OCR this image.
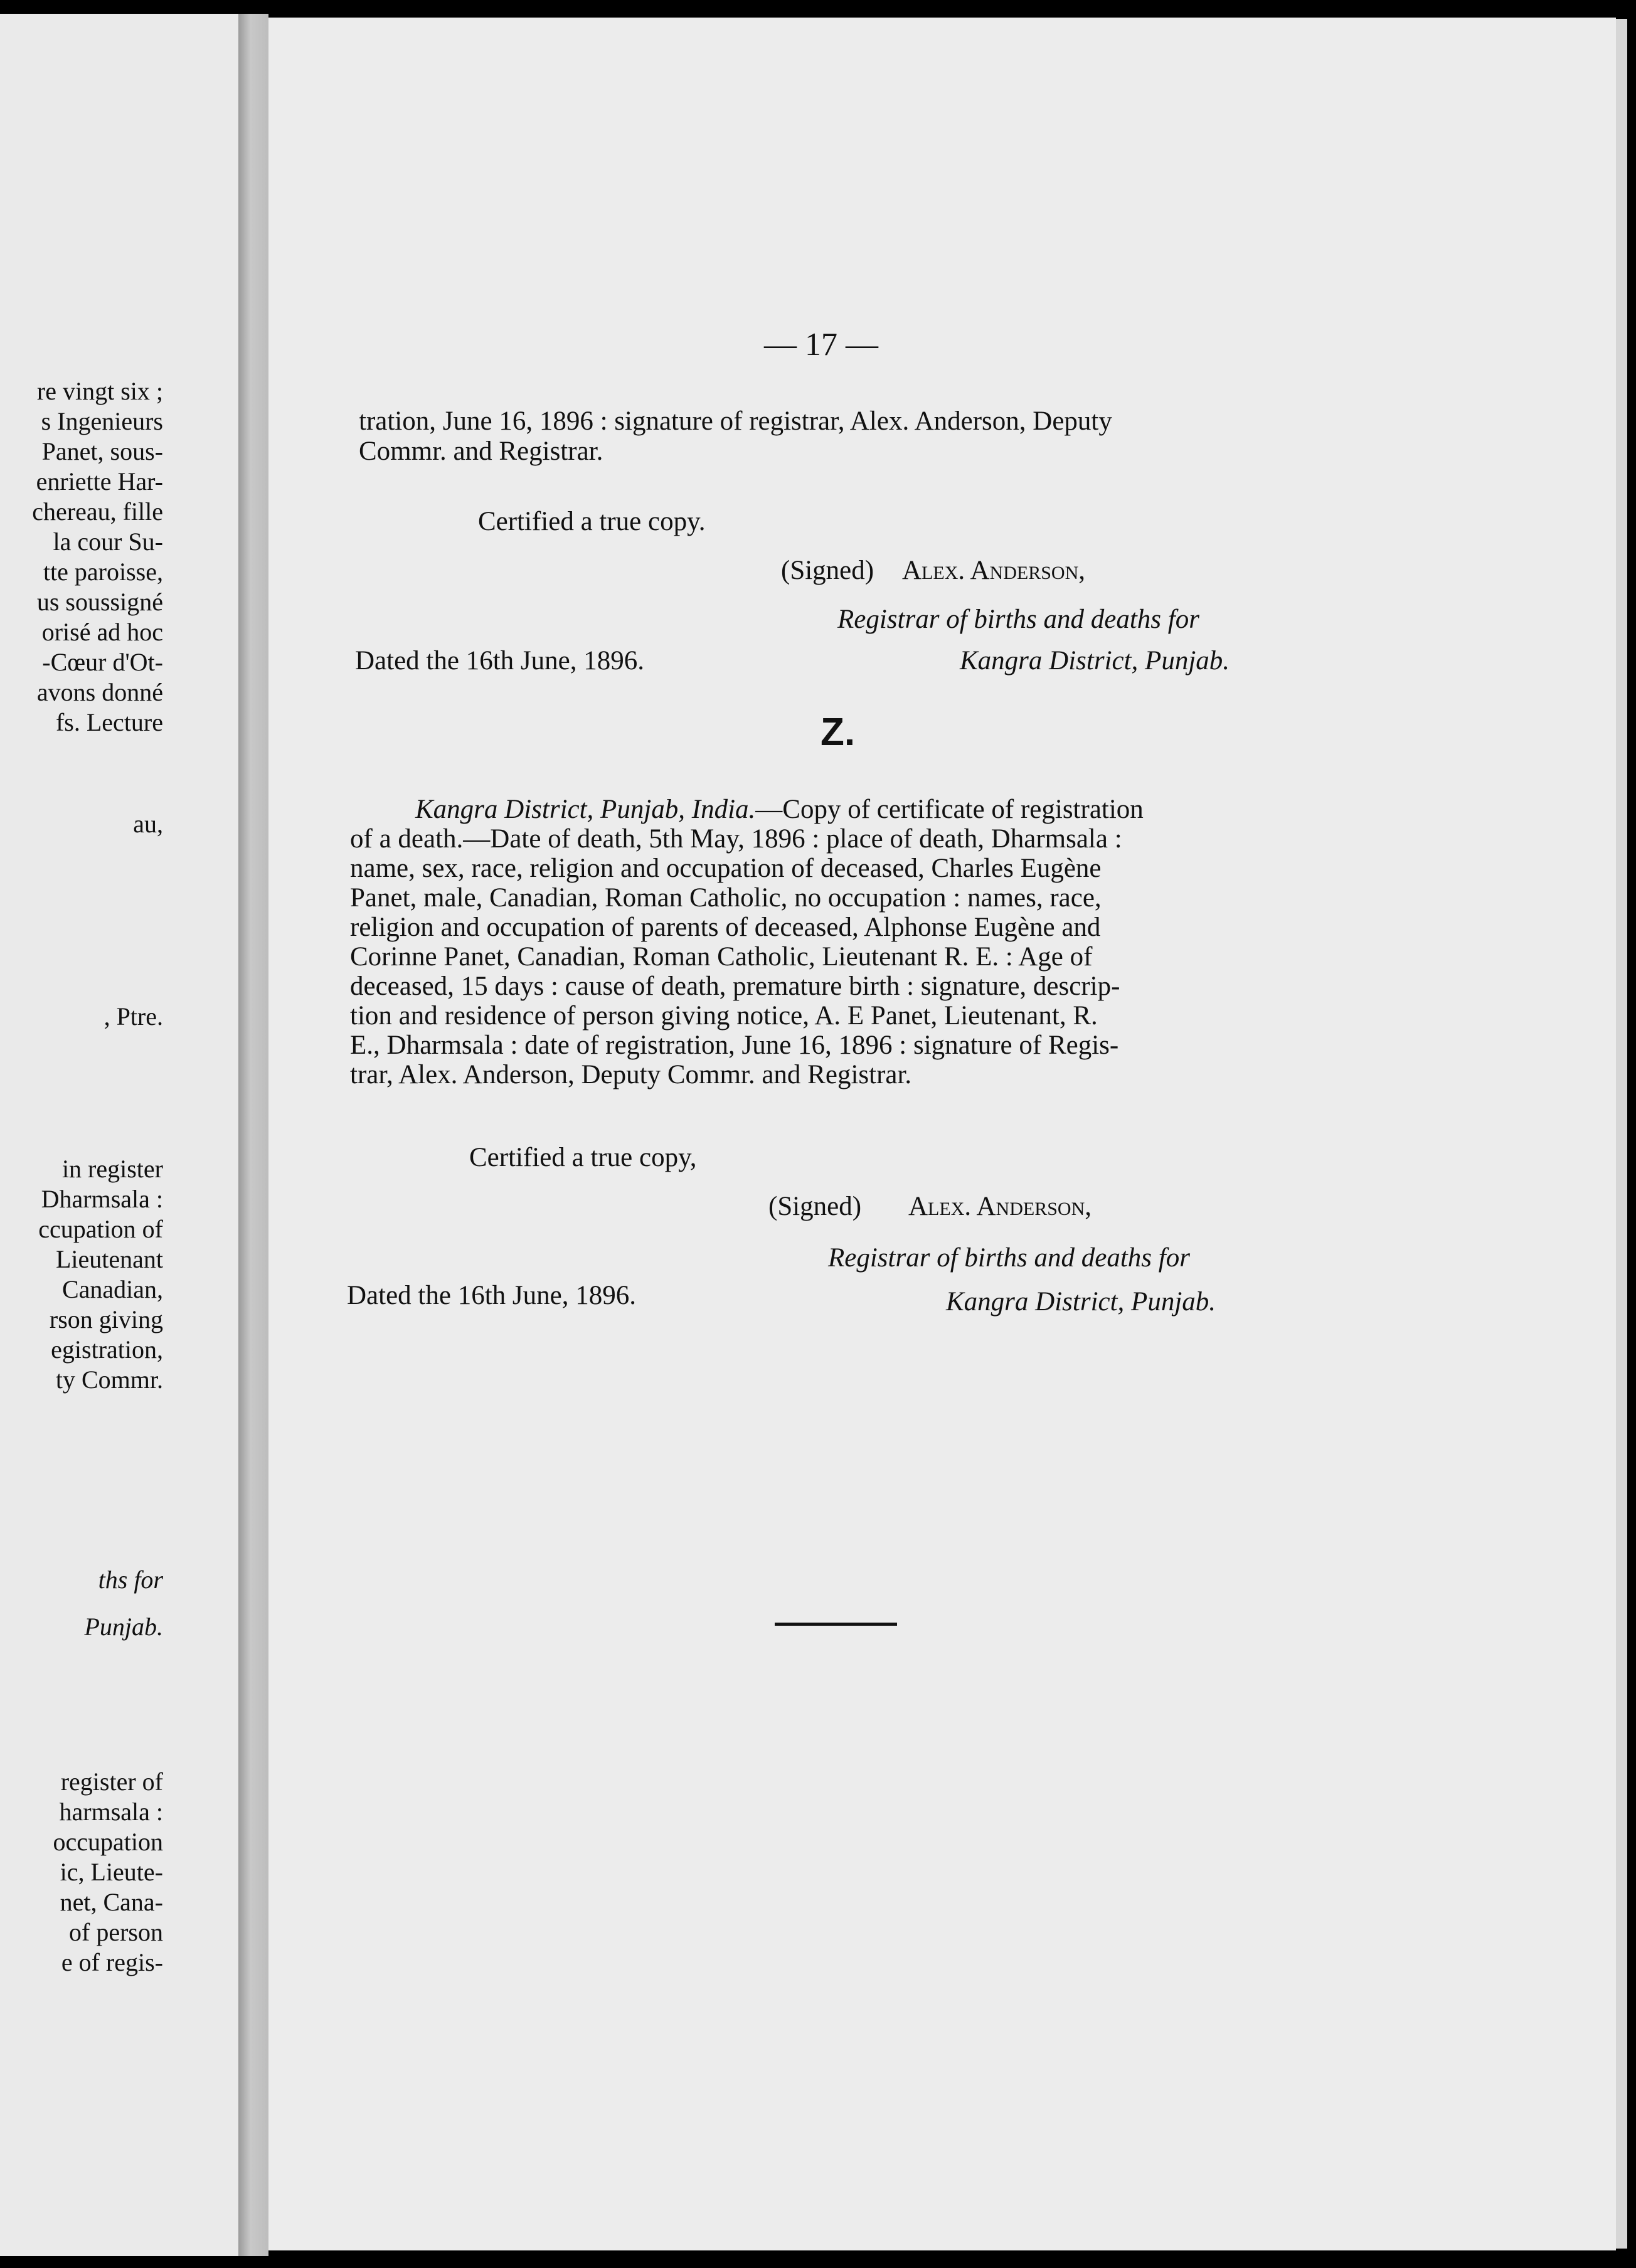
re vingt six ;
s Ingenieurs
Panet, sous-
enriette Har-
chereau, fille
la cour Su-
tte paroisse,
us soussigné
orisé ad hoc
-Cœur d'Ot-
avons donné
fs. Lecture
au,
, Ptre.
in register
Dharmsala :
ccupation of
Lieutenant
Canadian,
rson giving
egistration,
ty Commr.
ths for
Punjab.
register of
harmsala :
occupation
ic, Lieute-
net, Cana-
of person
e of regis-
— 17 —
tration, June 16, 1896 : signature of registrar, Alex. Anderson, Deputy
Commr. and Registrar.
Certified a true copy.
(Signed) Alex. Anderson,
Registrar of births and deaths for
Dated the 16th June, 1896.	Kangra District, Punjab.
Z.

Kangra District, Punjab, India.—Copy of certificate of registration

of a death.—Date of death, 5th May, 1896 : place of death, Dharmsala :

name, sex, race, religion and occupation of deceased, Charles Eugène

Panet, male, Canadian, Roman Catholic, no occupation : names, race,

religion and occupation of parents of deceased, Alphonse Eugène and

Corinne Panet, Canadian, Roman Catholic, Lieutenant R. E. : Age of

deceased, 15 days : cause of death, premature birth : signature, descrip-

tion and residence of person giving notice, A. E Panet, Lieutenant, R.

E., Dharmsala : date of registration, June 16, 1896 : signature of Regis-

trar, Alex. Anderson, Deputy Commr. and Registrar.

Certified a true copy,
(Signed) Alex. Anderson,
Registrar of births and deaths for
Dated the 16th June, 1896.	Kangra District, Punjab.
